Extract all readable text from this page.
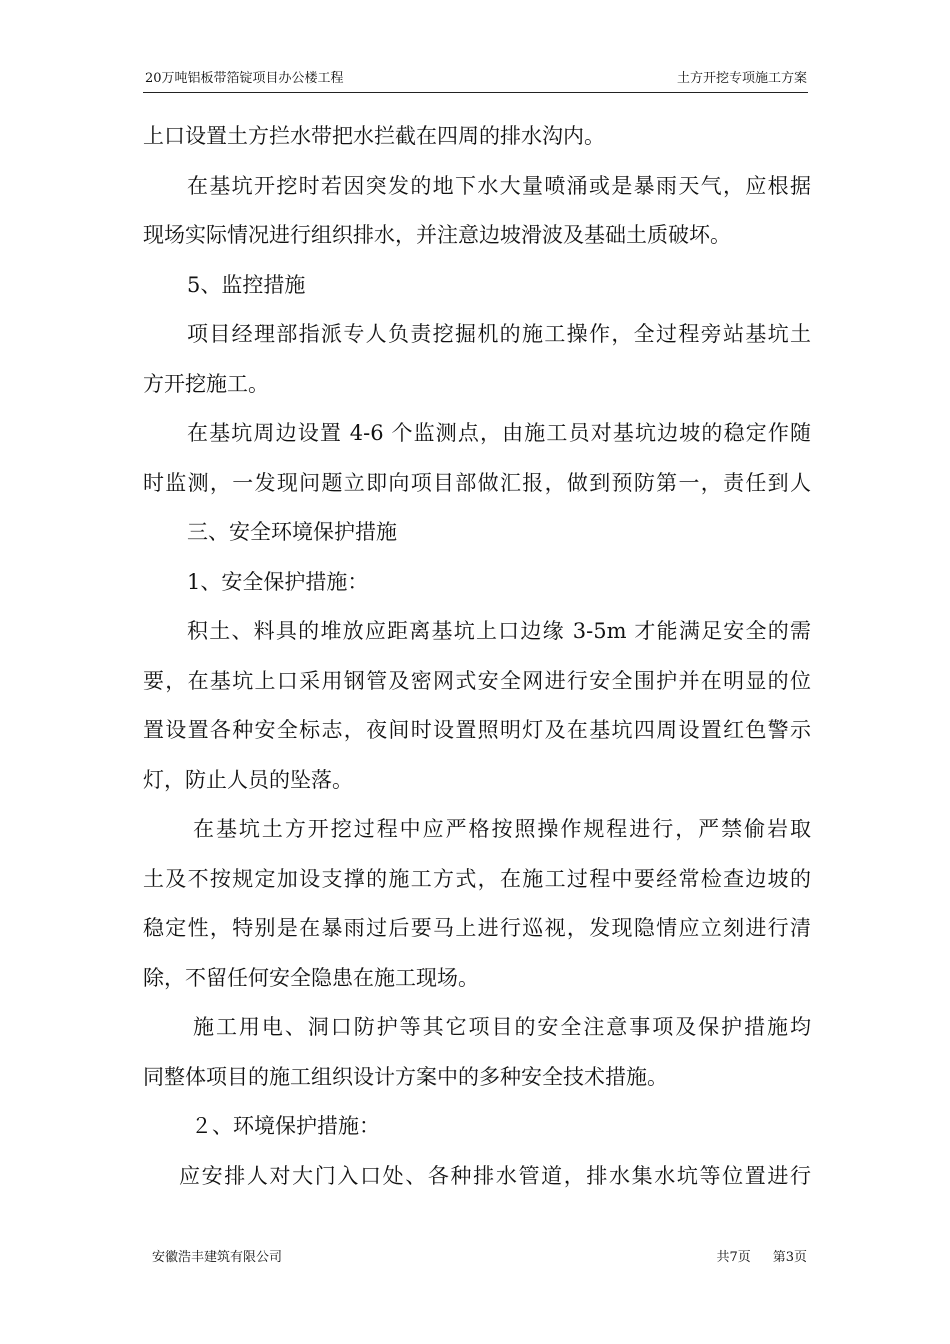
20万吨铝板带箔锭项目办公楼工程	土方开挖专项施工方案
上口设置土方拦水带把水拦截在四周的排水沟内。
在基坑开挖时若因突发的地下水大量喷涌或是暴雨天气，应根据
现场实际情况进行组织排水，并注意边坡滑波及基础土质破坏。
5、监控措施
项目经理部指派专人负责挖掘机的施工操作，全过程旁站基坑土
方开挖施工。
在基坑周边设置 4-6 个监测点，由施工员对基坑边坡的稳定作随
时监测，一发现问题立即向项目部做汇报，做到预防第一，责任到人
三、安全环境保护措施
1、安全保护措施：
积土、料具的堆放应距离基坑上口边缘 3-5m 才能满足安全的需
要，在基坑上口采用钢管及密网式安全网进行安全围护并在明显的位
置设置各种安全标志，夜间时设置照明灯及在基坑四周设置红色警示
灯，防止人员的坠落。
在基坑土方开挖过程中应严格按照操作规程进行，严禁偷岩取
土及不按规定加设支撑的施工方式，在施工过程中要经常检查边坡的
稳定性，特别是在暴雨过后要马上进行巡视，发现隐情应立刻进行清
除，不留任何安全隐患在施工现场。
施工用电、洞口防护等其它项目的安全注意事项及保护措施均
同整体项目的施工组织设计方案中的多种安全技术措施。
２、环境保护措施：
应安排人对大门入口处、各种排水管道，排水集水坑等位置进行
安徽浩丰建筑有限公司	共7页 第3页
